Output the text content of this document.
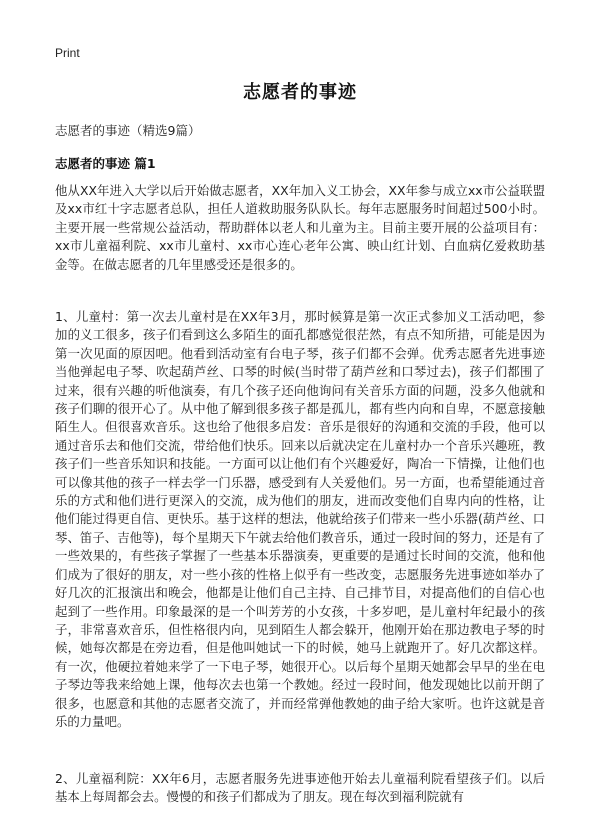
Print
志愿者的事迹
志愿者的事迹（精选9篇）
志愿者的事迹 篇1

他从XX年进入大学以后开始做志愿者，XX年加入义工协会，XX年参与成立xx市公益联盟及xx市红十字志愿者总队，担任人道救助服务队队长。每年志愿服务时间超过500小时。主要开展一些常规公益活动，帮助群体以老人和儿童为主。目前主要开展的公益项目有：xx市儿童福利院、xx市儿童村、xx市心连心老年公寓、映山红计划、白血病亿爱救助基金等。在做志愿者的几年里感受还是很多的。

1、儿童村：第一次去儿童村是在XX年3月，那时候算是第一次正式参加义工活动吧，参加的义工很多，孩子们看到这么多陌生的面孔都感觉很茫然，有点不知所措，可能是因为第一次见面的原因吧。他看到活动室有台电子琴，孩子们都不会弹。优秀志愿者先进事迹当他弹起电子琴、吹起葫芦丝、口琴的时候(当时带了葫芦丝和口琴过去)，孩子们都围了过来，很有兴趣的听他演奏，有几个孩子还向他询问有关音乐方面的问题，没多久他就和孩子们聊的很开心了。从中他了解到很多孩子都是孤儿，都有些内向和自卑，不愿意接触陌生人。但很喜欢音乐。这也给了他很多启发：音乐是很好的沟通和交流的手段，他可以通过音乐去和他们交流，带给他们快乐。回来以后就决定在儿童村办一个音乐兴趣班，教孩子们一些音乐知识和技能。一方面可以让他们有个兴趣爱好，陶冶一下情操，让他们也可以像其他的孩子一样去学一门乐器，感受到有人关爱他们。另一方面，也希望能通过音乐的方式和他们进行更深入的交流，成为他们的朋友，进而改变他们自卑内向的性格，让他们能过得更自信、更快乐。基于这样的想法，他就给孩子们带来一些小乐器(葫芦丝、口琴、笛子、吉他等)，每个星期天下午就去给他们教音乐，通过一段时间的努力，还是有了一些效果的，有些孩子掌握了一些基本乐器演奏，更重要的是通过长时间的交流，他和他们成为了很好的朋友，对一些小孩的性格上似乎有一些改变，志愿服务先进事迹如举办了好几次的汇报演出和晚会，他都是让他们自己主持、自己排节目，对提高他们的自信心也起到了一些作用。印象最深的是一个叫芳芳的小女孩，十多岁吧，是儿童村年纪最小的孩子，非常喜欢音乐，但性格很内向，见到陌生人都会躲开，他刚开始在那边教电子琴的时候，她每次都是在旁边看，但是他叫她试一下的时候，她马上就跑开了。好几次都这样。有一次，他硬拉着她来学了一下电子琴，她很开心。以后每个星期天她都会早早的坐在电子琴边等我来给她上课，他每次去也第一个教她。经过一段时间，他发现她比以前开朗了很多，也愿意和其他的志愿者交流了，并而经常弹他教她的曲子给大家听。也许这就是音乐的力量吧。

2、儿童福利院：XX年6月，志愿者服务先进事迹他开始去儿童福利院看望孩子们。以后基本上每周都会去。慢慢的和孩子们都成为了朋友。现在每次到福利院就有
